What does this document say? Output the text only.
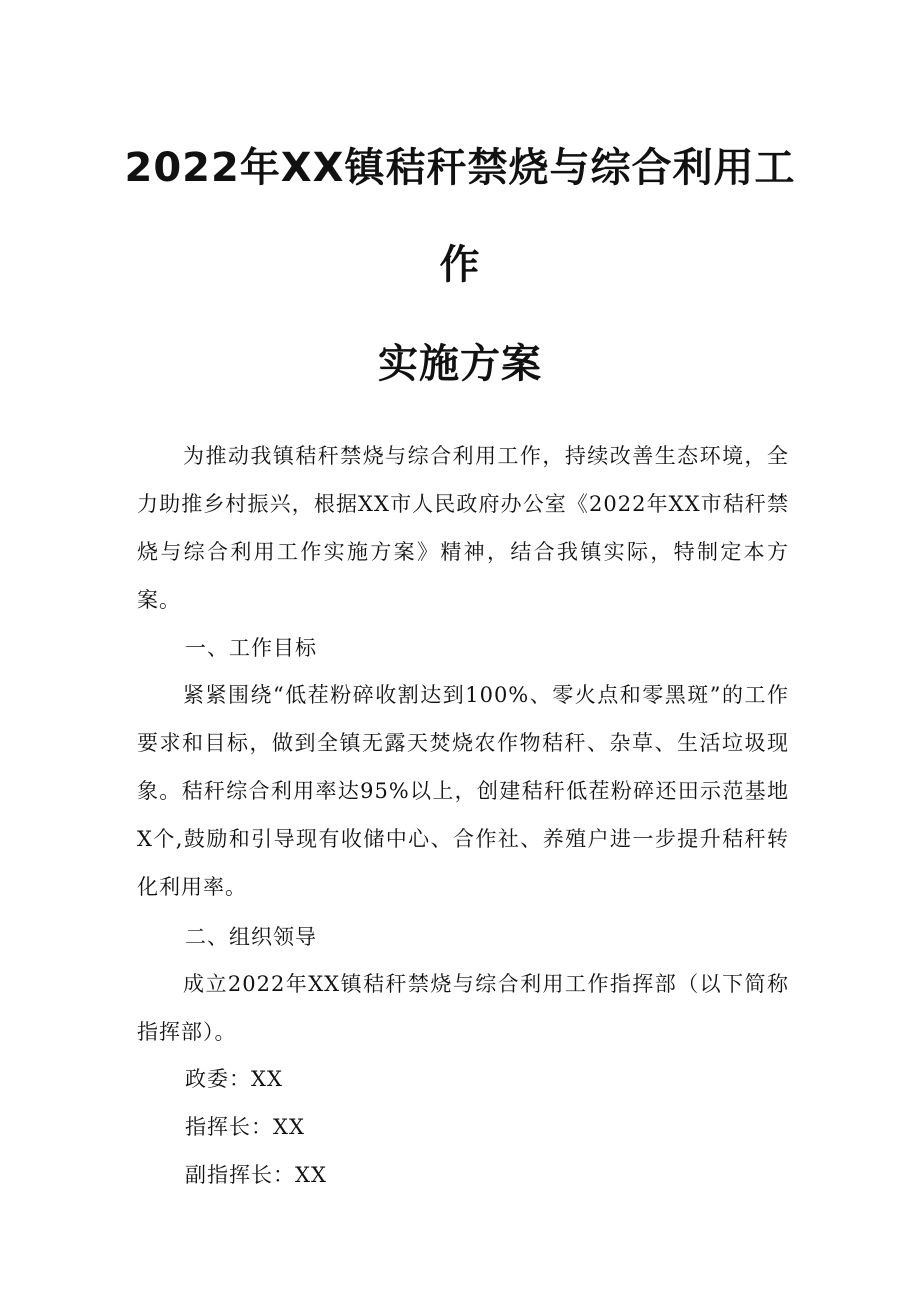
2022年XX镇秸秆禁烧与综合利用工
作
实施方案
为推动我镇秸秆禁烧与综合利用工作，持续改善生态环境，全力助推乡村振兴，根据XX市人民政府办公室《2022年XX市秸秆禁烧与综合利用工作实施方案》精神，结合我镇实际，特制定本方案。
一、工作目标
紧紧围绕“低茬粉碎收割达到100%、零火点和零黑斑”的工作要求和目标，做到全镇无露天焚烧农作物秸秆、杂草、生活垃圾现象。秸秆综合利用率达95%以上，创建秸秆低茬粉碎还田示范基地X个,鼓励和引导现有收储中心、合作社、养殖户进一步提升秸秆转化利用率。
二、组织领导
成立2022年XX镇秸秆禁烧与综合利用工作指挥部（以下简称指挥部）。
政委：XX
指挥长：XX
副指挥长：XX
